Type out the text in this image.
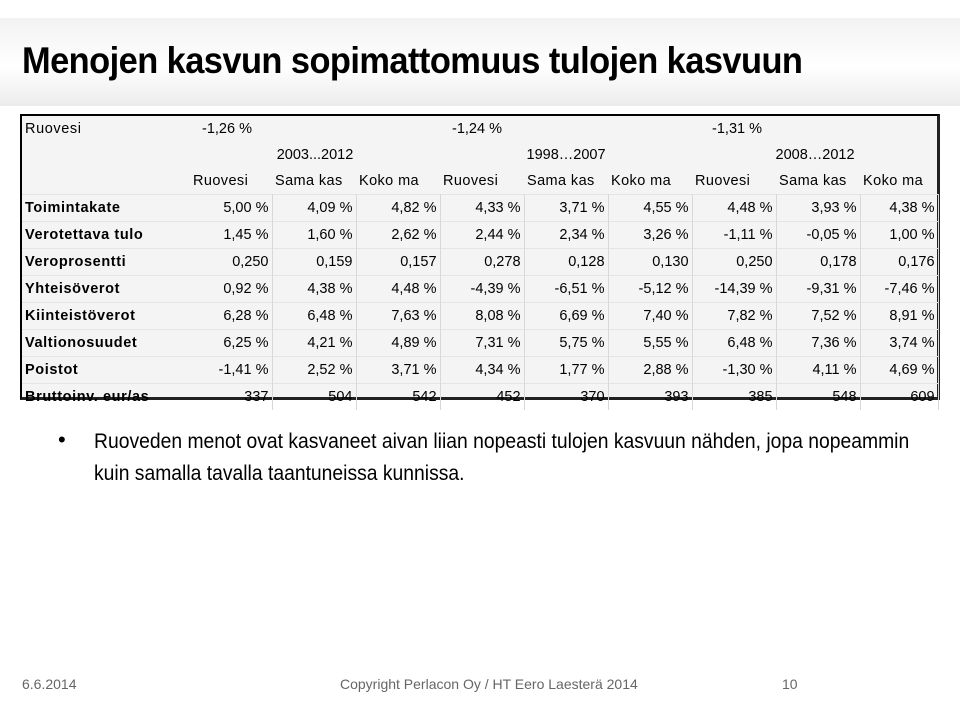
Menojen kasvun sopimattomuus tulojen kasvuun
Ruovesi	-1,26 %			-1,24 %			-1,31 %		
	2003...2012			1998…2007			2008…2012		
	Ruovesi	Sama kas	Koko ma	Ruovesi	Sama kas	Koko ma	Ruovesi	Sama kas	Koko ma
Toimintakate	5,00 %	4,09 %	4,82 %	4,33 %	3,71 %	4,55 %	4,48 %	3,93 %	4,38 %
Verotettava tulo	1,45 %	1,60 %	2,62 %	2,44 %	2,34 %	3,26 %	-1,11 %	-0,05 %	1,00 %
Veroprosentti	0,250	0,159	0,157	0,278	0,128	0,130	0,250	0,178	0,176
Yhteisöverot	0,92 %	4,38 %	4,48 %	-4,39 %	-6,51 %	-5,12 %	-14,39 %	-9,31 %	-7,46 %
Kiinteistöverot	6,28 %	6,48 %	7,63 %	8,08 %	6,69 %	7,40 %	7,82 %	7,52 %	8,91 %
Valtionosuudet	6,25 %	4,21 %	4,89 %	7,31 %	5,75 %	5,55 %	6,48 %	7,36 %	3,74 %
Poistot	-1,41 %	2,52 %	3,71 %	4,34 %	1,77 %	2,88 %	-1,30 %	4,11 %	4,69 %
Bruttoinv. eur/as	337	504	542	452	370	393	385	548	609
• Ruoveden menot ovat kasvaneet aivan liian nopeasti tulojen kasvuun nähden, jopa nopeammin kuin samalla tavalla taantuneissa kunnissa.
6.6.2014	Copyright Perlacon Oy / HT Eero Laesterä 2014	10
